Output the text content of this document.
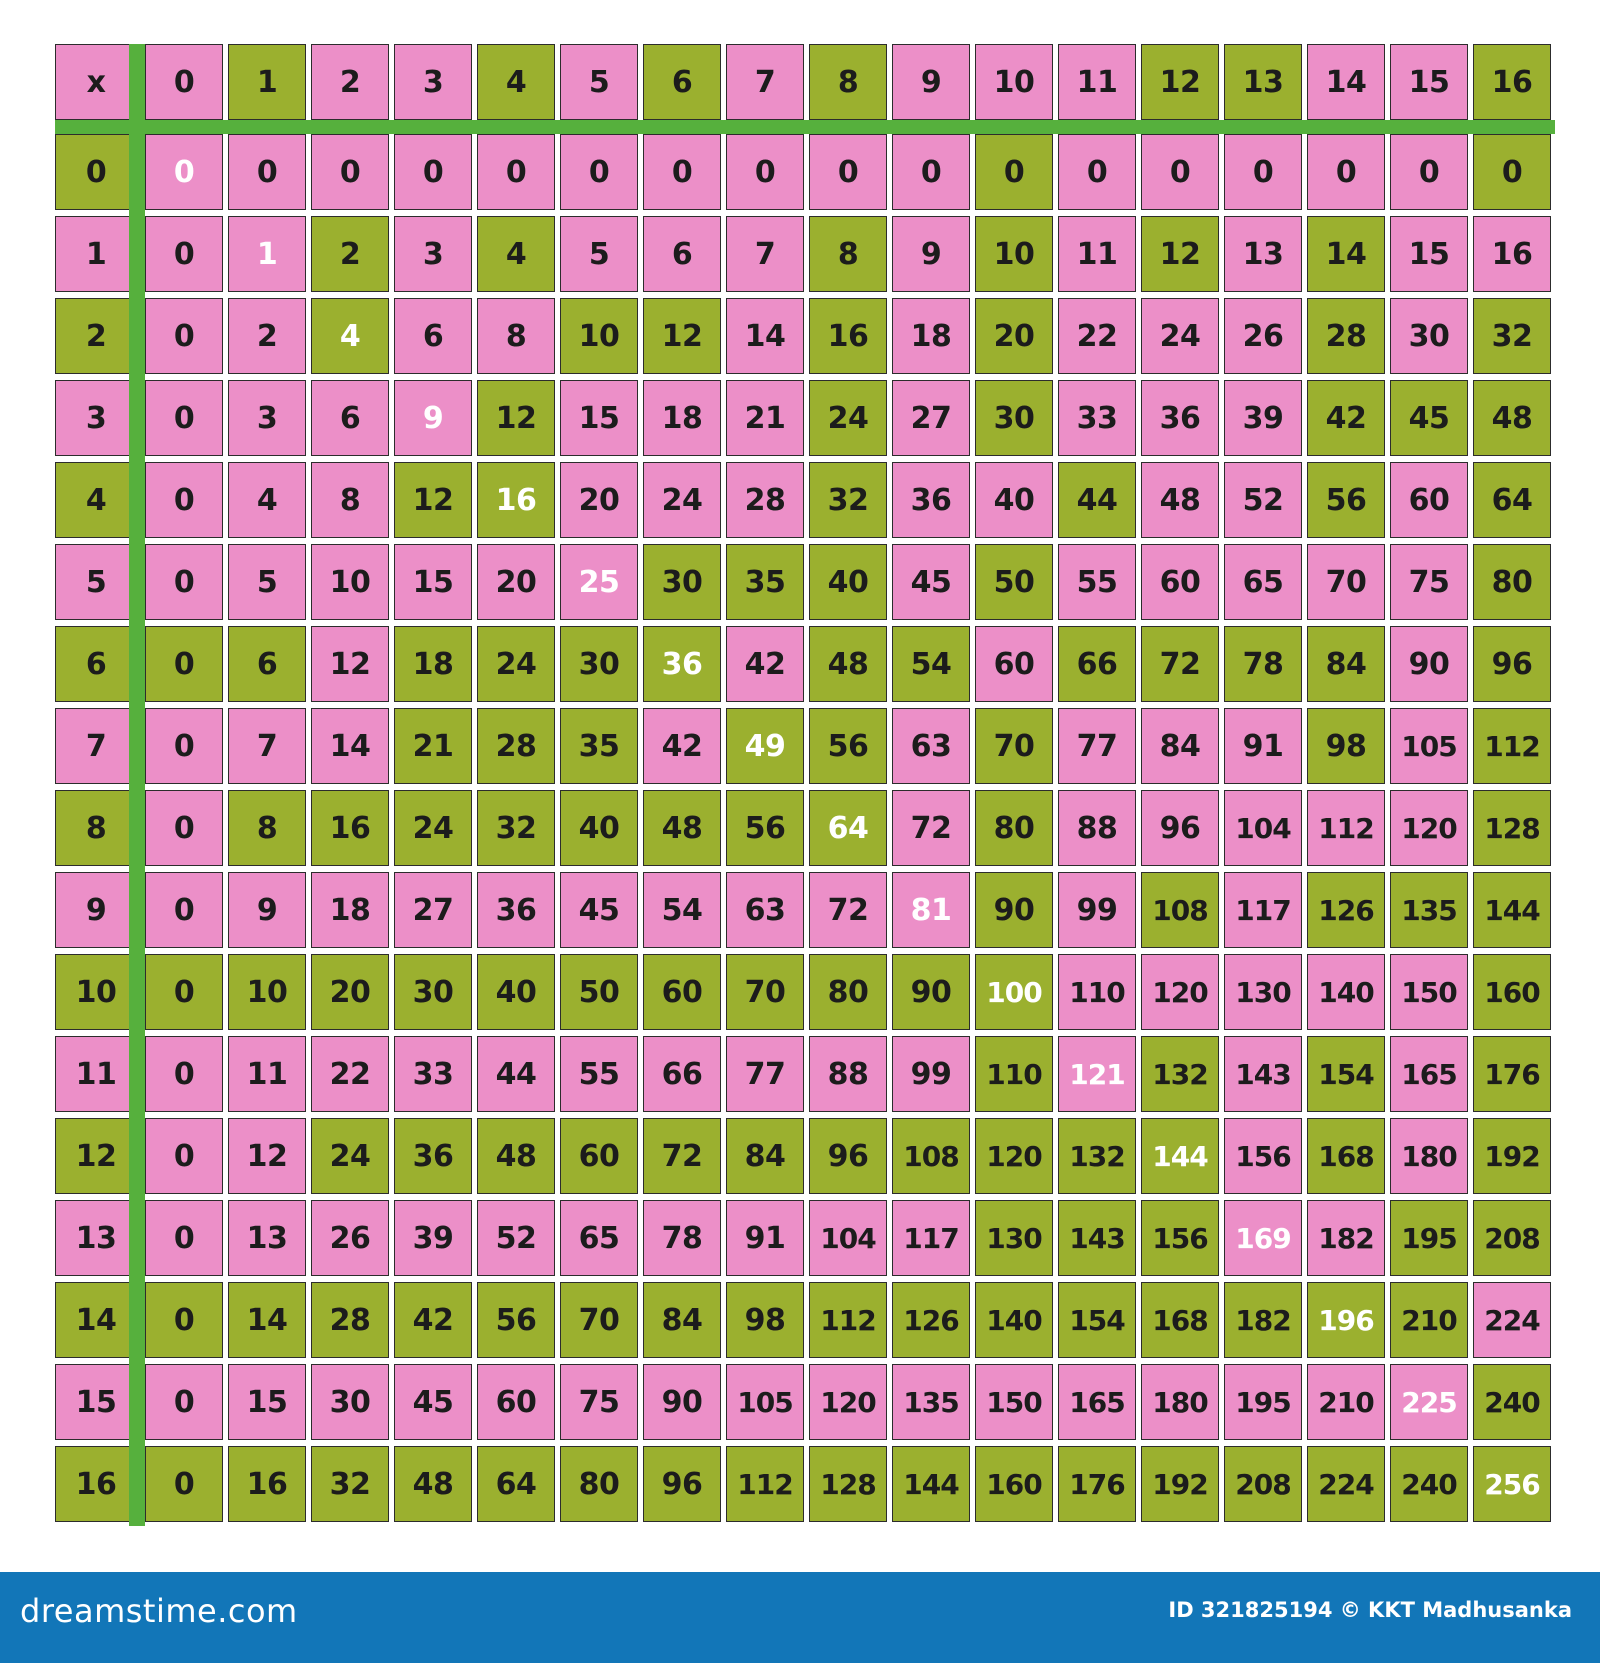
x	0	1	2	3	4	5	6	7	8	9	10	11	12	13	14	15	16
0	0	0	0	0	0	0	0	0	0	0	0	0	0	0	0	0	0
1	0	1	2	3	4	5	6	7	8	9	10	11	12	13	14	15	16
2	0	2	4	6	8	10	12	14	16	18	20	22	24	26	28	30	32
3	0	3	6	9	12	15	18	21	24	27	30	33	36	39	42	45	48
4	0	4	8	12	16	20	24	28	32	36	40	44	48	52	56	60	64
5	0	5	10	15	20	25	30	35	40	45	50	55	60	65	70	75	80
6	0	6	12	18	24	30	36	42	48	54	60	66	72	78	84	90	96
7	0	7	14	21	28	35	42	49	56	63	70	77	84	91	98	105 112
8	0	8	16	24	32	40	48	56	64	72	80	88	96	104 112 120 128
9	0	9	18	27	36	45	54	63	72	81	90	99	108 117 126 135 144
10	0	10	20	30	40	50	60	70	80	90	100 110 120 130 140 150 160
11	0	11	22	33	44	55	66	77	88	99	110 121 132 143 154 165 176
12	0	12	24	36	48	60	72	84	96	108 120 132 144 156 168 180 192
13	0	13	26	39	52	65	78	91	104 117 130 143 156 169 182 195 208
14	0	14	28	42	56	70	84	98	112 126 140 154 168 182 196 210 224
15	0	15	30	45	60	75	90	105 120 135 150 165 180 195 210 225 240
16	0	16	32	48	64	80	96	112 128 144 160 176 192 208 224 240 256
dreamstime.com	ID 321825194 © KKT Madhusanka
